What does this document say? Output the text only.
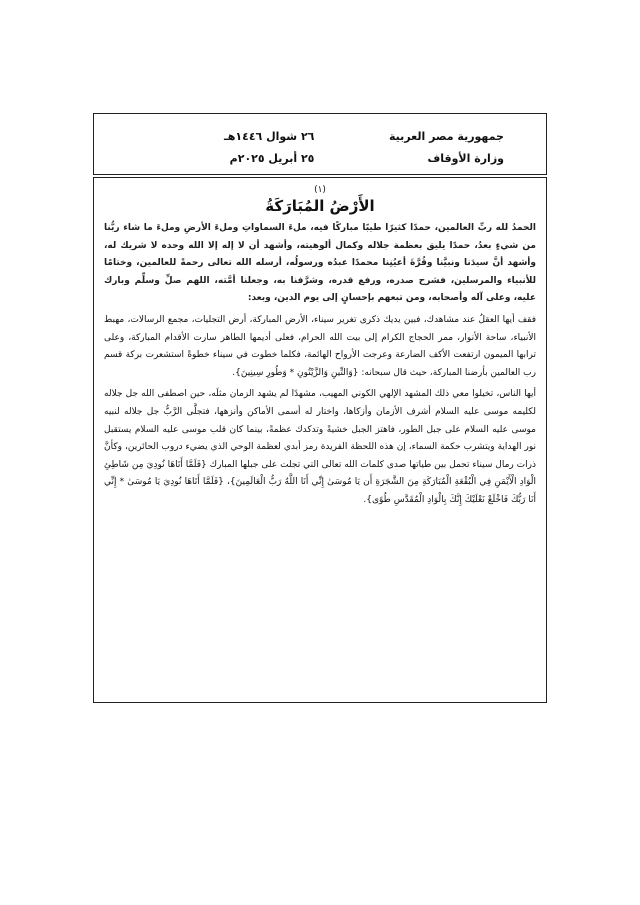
جمهورية مصر العربية
وزارة الأوقاف
٢٦ شوال ١٤٤٦هـ
٢٥ أبريل ٢٠٢٥م
(١)
الأَرْضُ المُبَارَكَةُ

الحمدُ لله ربِّ العالمين، حمدًا كثيرًا طيبًا مباركًا فيه، ملءَ السماواتِ وملءَ الأرضِ وملءَ ما شاء ربُّنا من شيءٍ بعدُ، حمدًا يليق بعظمة جلاله وكمال ألوهيته، وأشهد أن لا إله إلا الله وحده لا شريك له، وأشهد أنَّ سيدَنا ونبيَّنا وقُرَّةَ أعيُنِنا محمدًا عبدُه ورسولُه، أرسله الله تعالى رحمةً للعالمين، وختامًا للأنبياء والمرسلين، فشرح صدره، ورفع قدره، وشرَّفنا به، وجعلنا أمَّته، اللهم صلِّ وسلِّم وبارك عليه، وعلى آله وأصحابه، ومن تبعهم بإحسانٍ إلى يوم الدين، وبعد:

فقف أيها العقلُ عند مشاهدك، فبين يديك ذكرى تغرير سيناء، الأرض المباركة، أرض التجليات، مجمع الرسالات، مهبط الأنبياء، ساحة الأنوار، ممر الحجاج الكرام إلى بيت الله الحرام، فعلى أديمها الطاهر سارت الأقدام المباركة، وعلى ترابها الميمون ارتفعت الأكف الضارعة وعرجت الأرواح الهائمة، فكلما خطوت في سيناء خطوةً استشعرت بركة قسم رب العالمين بأرضنا المباركة، حيث قال سبحانه: {وَالتِّينِ وَالزَّيْتُونِ * وَطُورِ سِينِينَ}.

أيها الناس، تخيلوا معي ذلك المشهد الإلهي الكوني المهيب، مشهدًا لم يشهد الزمان مثلَه، حين اصطفى الله جل جلاله لكليمه موسى عليه السلام أشرف الأزمان وأزكاها، واختار له أسمى الأماكن وأنزهها، فتجلَّى الرَّبُّ جل جلاله لنبيه موسى عليه السلام على جبل الطور، فاهتز الجبل خشيةً وتدكدك عظمةً، بينما كان قلب موسى عليه السلام يستقبل نور الهداية ويتشرب حكمة السماء، إن هذه اللحظة الفريدة رمز أبدي لعظمة الوحي الذي يضيء دروب الحائرين، وكأنَّ ذرات رمال سيناء تحمل بين طياتها صدى كلمات الله تعالى التي تجلت على جبلها المبارك {فَلَمَّا أَتَاهَا نُودِيَ مِن شَاطِئِ الْوَادِ الْأَيْمَنِ فِي الْبُقْعَةِ الْمُبَارَكَةِ مِنَ الشَّجَرَةِ أَن يَا مُوسَىٰ إِنِّي أَنَا اللَّهُ رَبُّ الْعَالَمِينَ}، {فَلَمَّا أَتَاهَا نُودِيَ يَا مُوسَىٰ * إِنِّي أَنَا رَبُّكَ فَاخْلَعْ نَعْلَيْكَ إِنَّكَ بِالْوَادِ الْمُقَدَّسِ طُوًى}.
